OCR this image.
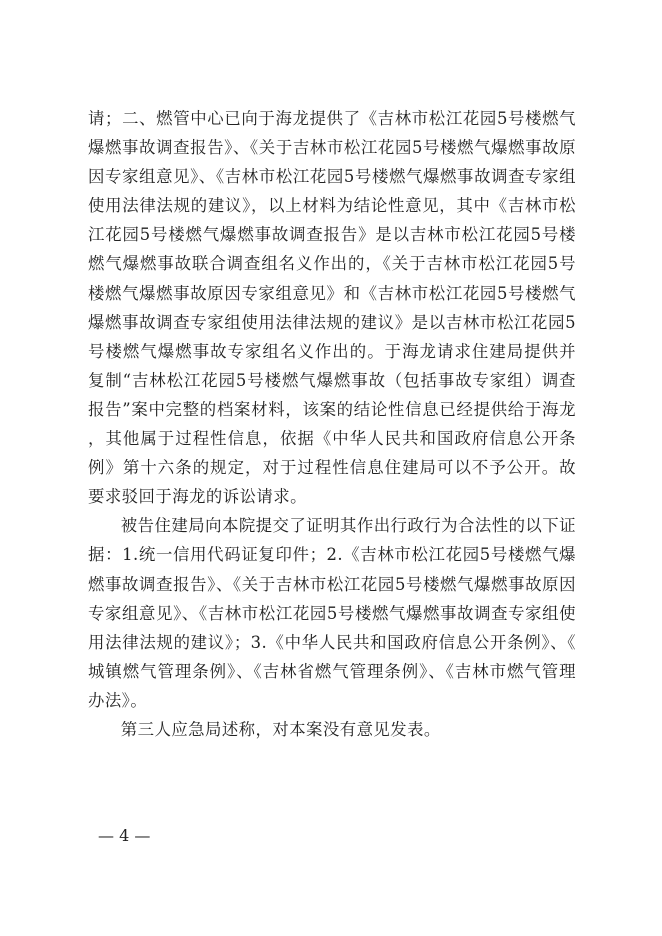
请；二、燃管中心已向于海龙提供了《吉林市松江花园5号楼燃气爆燃事故调查报告》、《关于吉林市松江花园5号楼燃气爆燃事故原因专家组意见》、《吉林市松江花园5号楼燃气爆燃事故调查专家组使用法律法规的建议》，以上材料为结论性意见，其中《吉林市松江花园5号楼燃气爆燃事故调查报告》是以吉林市松江花园5号楼燃气爆燃事故联合调查组名义作出的，《关于吉林市松江花园5号楼燃气爆燃事故原因专家组意见》和《吉林市松江花园5号楼燃气爆燃事故调查专家组使用法律法规的建议》是以吉林市松江花园5号楼燃气爆燃事故专家组名义作出的。于海龙请求住建局提供并复制“吉林松江花园5号楼燃气爆燃事故（包括事故专家组）调查报告”案中完整的档案材料，该案的结论性信息已经提供给于海龙，其他属于过程性信息，依据《中华人民共和国政府信息公开条例》第十六条的规定，对于过程性信息住建局可以不予公开。故要求驳回于海龙的诉讼请求。

被告住建局向本院提交了证明其作出行政行为合法性的以下证据：1.统一信用代码证复印件；2.《吉林市松江花园5号楼燃气爆燃事故调查报告》、《关于吉林市松江花园5号楼燃气爆燃事故原因专家组意见》、《吉林市松江花园5号楼燃气爆燃事故调查专家组使用法律法规的建议》；3.《中华人民共和国政府信息公开条例》、《城镇燃气管理条例》、《吉林省燃气管理条例》、《吉林市燃气管理办法》。

第三人应急局述称，对本案没有意见发表。

— 4 —
